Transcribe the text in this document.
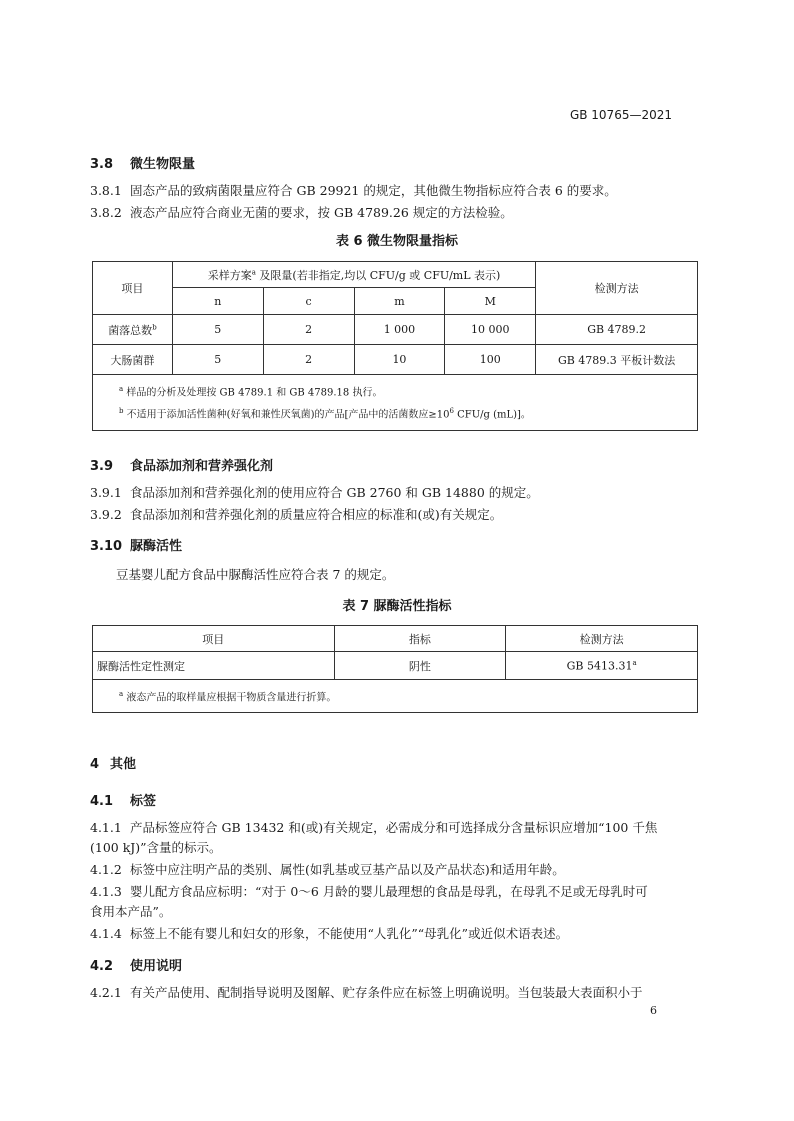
GB 10765—2021
3.8 微生物限量
3.8.1 固态产品的致病菌限量应符合 GB 29921 的规定，其他微生物指标应符合表 6 的要求。
3.8.2 液态产品应符合商业无菌的要求，按 GB 4789.26 规定的方法检验。
表 6 微生物限量指标
项目	采样方案$^a$ 及限量(若非指定,均以 CFU/g 或 CFU/mL 表示)				检测方法
	n	c	m	M	
菌落总数$^b$	5	2	1 000	10 000	GB 4789.2
大肠菌群	5	2	10	100	GB 4789.3 平板计数法

$^a$ 样品的分析及处理按 GB 4789.1 和 GB 4789.18 执行。
$^b$ 不适用于添加活性菌种(好氧和兼性厌氧菌)的产品[产品中的活菌数应$\ge 10^6$ CFU/g (mL)]。					
3.9 食品添加剂和营养强化剂
3.9.1 食品添加剂和营养强化剂的使用应符合 GB 2760 和 GB 14880 的规定。
3.9.2 食品添加剂和营养强化剂的质量应符合相应的标准和(或)有关规定。
3.10 脲酶活性
豆基婴儿配方食品中脲酶活性应符合表 7 的规定。
表 7 脲酶活性指标
项目	指标	检测方法
脲酶活性定性测定	阴性	GB 5413.31$^a$
$^a$ 液态产品的取样量应根据干物质含量进行折算。		
4 其他
4.1 标签
4.1.1 产品标签应符合 GB 13432 和(或)有关规定，必需成分和可选择成分含量标识应增加“100 千焦
(100 kJ)”含量的标示。
4.1.2 标签中应注明产品的类别、属性(如乳基或豆基产品以及产品状态)和适用年龄。
4.1.3 婴儿配方食品应标明：“对于 0～6 月龄的婴儿最理想的食品是母乳，在母乳不足或无母乳时可
食用本产品”。
4.1.4 标签上不能有婴儿和妇女的形象，不能使用“人乳化”“母乳化”或近似术语表述。
4.2 使用说明
4.2.1 有关产品使用、配制指导说明及图解、贮存条件应在标签上明确说明。当包装最大表面积小于
6
